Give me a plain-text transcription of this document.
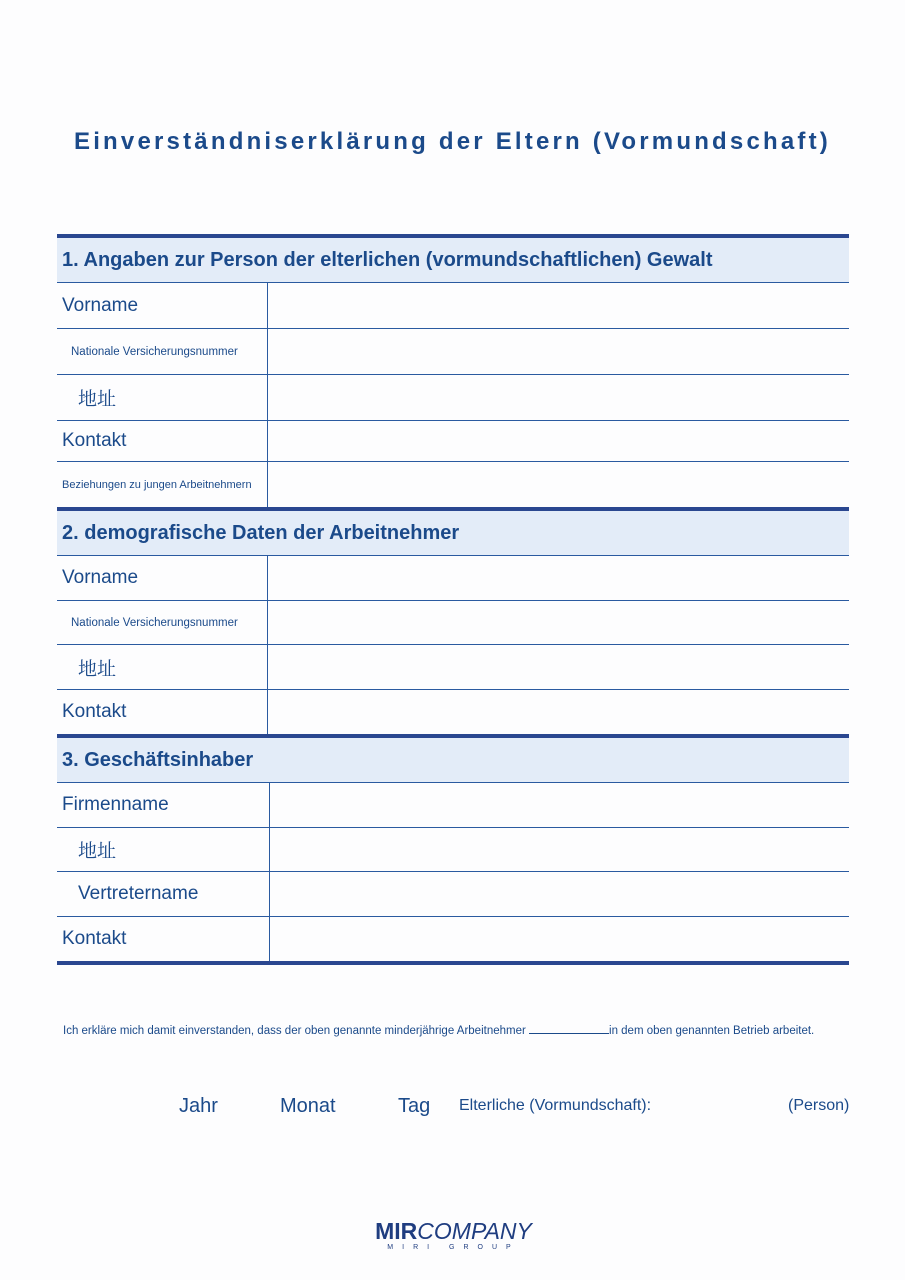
Einverständniserklärung der Eltern (Vormundschaft)
1. Angaben zur Person der elterlichen (vormundschaftlichen) Gewalt
Vorname
Nationale Versicherungsnummer
地址
Kontakt
Beziehungen zu jungen Arbeitnehmern
2. demografische Daten der Arbeitnehmer
Vorname
Nationale Versicherungsnummer
地址
Kontakt
3. Geschäftsinhaber
Firmenname
地址
Vertretername
Kontakt
Ich erkläre mich damit einverstanden, dass der oben genannte minderjährige Arbeitnehmer	in dem oben genannten Betrieb arbeitet.
Jahr	Monat	Tag Elterliche (Vormundschaft):	(Person)
MIRCOMPANY
MIRI GROUP
